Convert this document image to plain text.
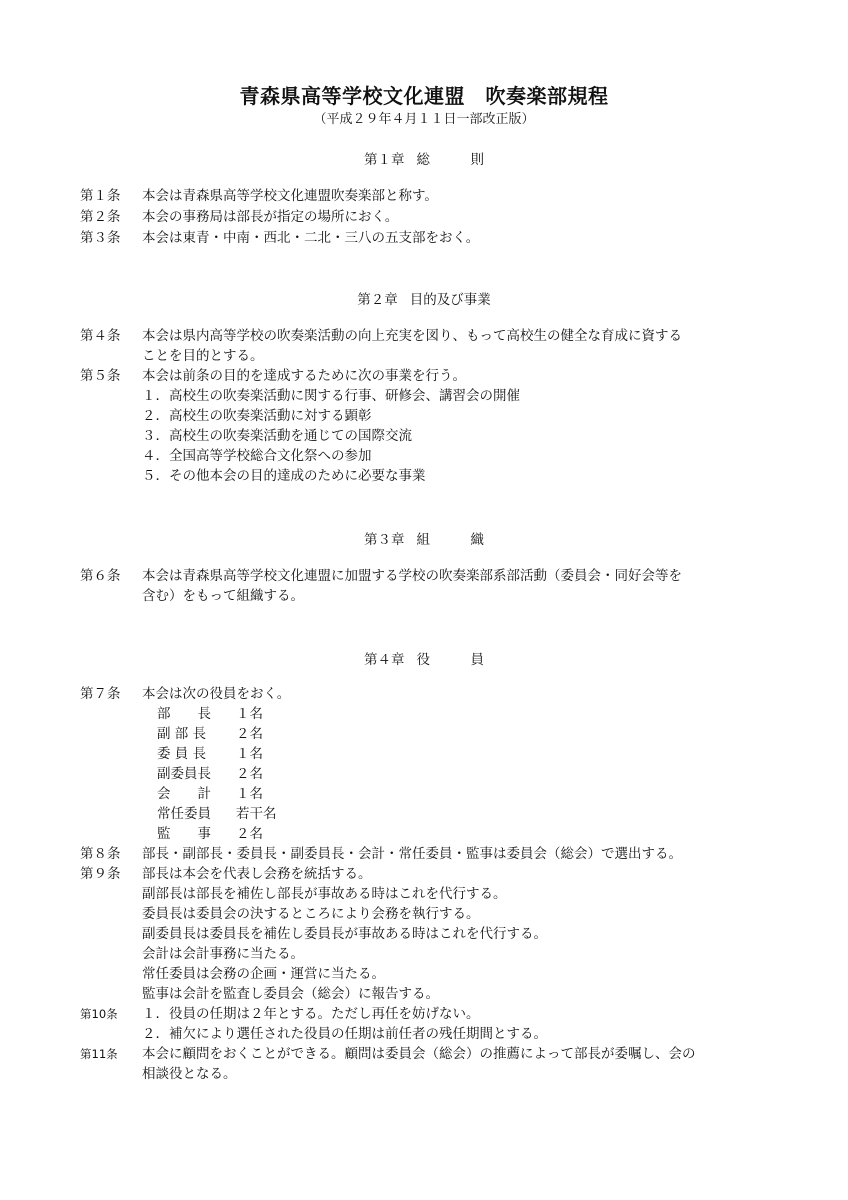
青森県高等学校文化連盟　吹奏楽部規程
（平成２９年４月１１日一部改正版）
第１章 総　　　則
第１条 本会は青森県高等学校文化連盟吹奏楽部と称す。
第２条 本会の事務局は部長が指定の場所におく。
第３条 本会は東青・中南・西北・二北・三八の五支部をおく。
第２章 目的及び事業
第４条 本会は県内高等学校の吹奏楽活動の向上充実を図り、もって高校生の健全な育成に資する
ことを目的とする。
第５条 本会は前条の目的を達成するために次の事業を行う。
１．高校生の吹奏楽活動に関する行事、研修会、講習会の開催
２．高校生の吹奏楽活動に対する顕彰
３．高校生の吹奏楽活動を通じての国際交流
４．全国高等学校総合文化祭への参加
５．その他本会の目的達成のために必要な事業
第３章 組　　　織
第６条 本会は青森県高等学校文化連盟に加盟する学校の吹奏楽部系部活動（委員会・同好会等を
含む）をもって組織する。
第４章 役　　　員
第７条 本会は次の役員をおく。
部　　長 １名
副 部 長 ２名
委 員 長 １名
副委員長 ２名
会　　計 １名
常任委員 若干名
監　　事 ２名
第８条 部長・副部長・委員長・副委員長・会計・常任委員・監事は委員会（総会）で選出する。
第９条 部長は本会を代表し会務を統括する。
副部長は部長を補佐し部長が事故ある時はこれを代行する。
委員長は委員会の決するところにより会務を執行する。
副委員長は委員長を補佐し委員長が事故ある時はこれを代行する。
会計は会計事務に当たる。
常任委員は会務の企画・運営に当たる。
監事は会計を監査し委員会（総会）に報告する。
第10条 １．役員の任期は２年とする。ただし再任を妨げない。
２．補欠により選任された役員の任期は前任者の残任期間とする。
第11条 本会に顧問をおくことができる。顧問は委員会（総会）の推薦によって部長が委嘱し、会の
相談役となる。
